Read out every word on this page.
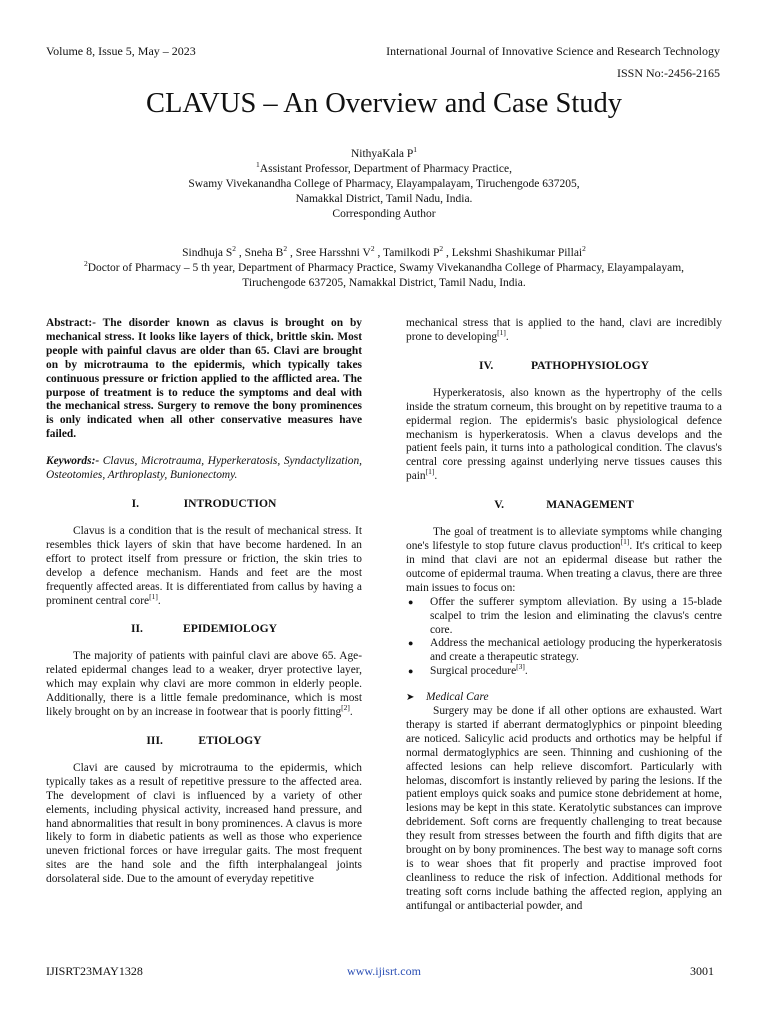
Volume 8, Issue 5, May – 2023	International Journal of Innovative Science and Research Technology
ISSN No:-2456-2165
CLAVUS – An Overview and Case Study
NithyaKala $P^1$
$^1$Assistant Professor, Department of Pharmacy Practice,
Swamy Vivekanandha College of Pharmacy, Elayampalayam, Tiruchengode 637205,
Namakkal District, Tamil Nadu, India.
Corresponding Author
Sindhuja $S^2$ , Sneha $B^2$ , Sree Harsshni $V^2$ , Tamilkodi $P^2$ , Lekshmi Shashikumar Pillai$^2$
$^2$Doctor of Pharmacy – 5 th year, Department of Pharmacy Practice, Swamy Vivekanandha College of Pharmacy, Elayampalayam,
Tiruchengode 637205, Namakkal District, Tamil Nadu, India.

Abstract:- The disorder known as clavus is brought on by mechanical stress. It looks like layers of thick, brittle skin. Most people with painful clavus are older than 65. Clavi are brought on by microtrauma to the epidermis, which typically takes continuous pressure or friction applied to the afflicted area. The purpose of treatment is to reduce the symptoms and deal with the mechanical stress. Surgery to remove the bony prominences is only indicated when all other conservative measures have failed.

Keywords:- Clavus, Microtrauma, Hyperkeratosis, Syndactylization, Osteotomies, Arthroplasty, Bunionectomy.

I.	INTRODUCTION

Clavus is a condition that is the result of mechanical stress. It resembles thick layers of skin that have become hardened. In an effort to protect itself from pressure or friction, the skin tries to develop a defence mechanism. Hands and feet are the most frequently affected areas. It is differentiated from callus by having a prominent central core[1].

II.	EPIDEMIOLOGY

The majority of patients with painful clavi are above 65. Age-related epidermal changes lead to a weaker, dryer protective layer, which may explain why clavi are more common in elderly people. Additionally, there is a little female predominance, which is most likely brought on by an increase in footwear that is poorly fitting[2].

III.	ETIOLOGY

Clavi are caused by microtrauma to the epidermis, which typically takes as a result of repetitive pressure to the affected area. The development of clavi is influenced by a variety of other elements, including physical activity, increased hand pressure, and hand abnormalities that result in bony prominences. A clavus is more likely to form in diabetic patients as well as those who experience uneven frictional forces or have irregular gaits. The most frequent sites are the hand sole and the fifth interphalangeal joints dorsolateral side. Due to the amount of everyday repetitive

mechanical stress that is applied to the hand, clavi are incredibly prone to developing[1].

IV.	PATHOPHYSIOLOGY

Hyperkeratosis, also known as the hypertrophy of the cells inside the stratum corneum, this brought on by repetitive trauma to a epidermal region. The epidermis's basic physiological defence mechanism is hyperkeratosis. When a clavus develops and the patient feels pain, it turns into a pathological condition. The clavus's central core pressing against underlying nerve tissues causes this pain[1].

V.	MANAGEMENT

The goal of treatment is to alleviate symptoms while changing one's lifestyle to stop future clavus production[1]. It's critical to keep in mind that clavi are not an epidermal disease but rather the outcome of epidermal trauma. When treating a clavus, there are three main issues to focus on:

● Offer the sufferer symptom alleviation. By using a 15-blade scalpel to trim the lesion and eliminating the clavus's centre core.
● Address the mechanical aetiology producing the hyperkeratosis and create a therapeutic strategy.
● Surgical procedure[3].

➤ Medical Care

Surgery may be done if all other options are exhausted. Wart therapy is started if aberrant dermatoglyphics or pinpoint bleeding are noticed. Salicylic acid products and orthotics may be helpful if normal dermatoglyphics are seen. Thinning and cushioning of the affected lesions can help relieve discomfort. Particularly with helomas, discomfort is instantly relieved by paring the lesions. If the patient employs quick soaks and pumice stone debridement at home, lesions may be kept in this state. Keratolytic substances can improve debridement. Soft corns are frequently challenging to treat because they result from stresses between the fourth and fifth digits that are brought on by bony prominences. The best way to manage soft corns is to wear shoes that fit properly and practise improved foot cleanliness to reduce the risk of infection. Additional methods for treating soft corns include bathing the affected region, applying an antifungal or antibacterial powder, and

IJISRT23MAY1328	www.ijisrt.com	3001
